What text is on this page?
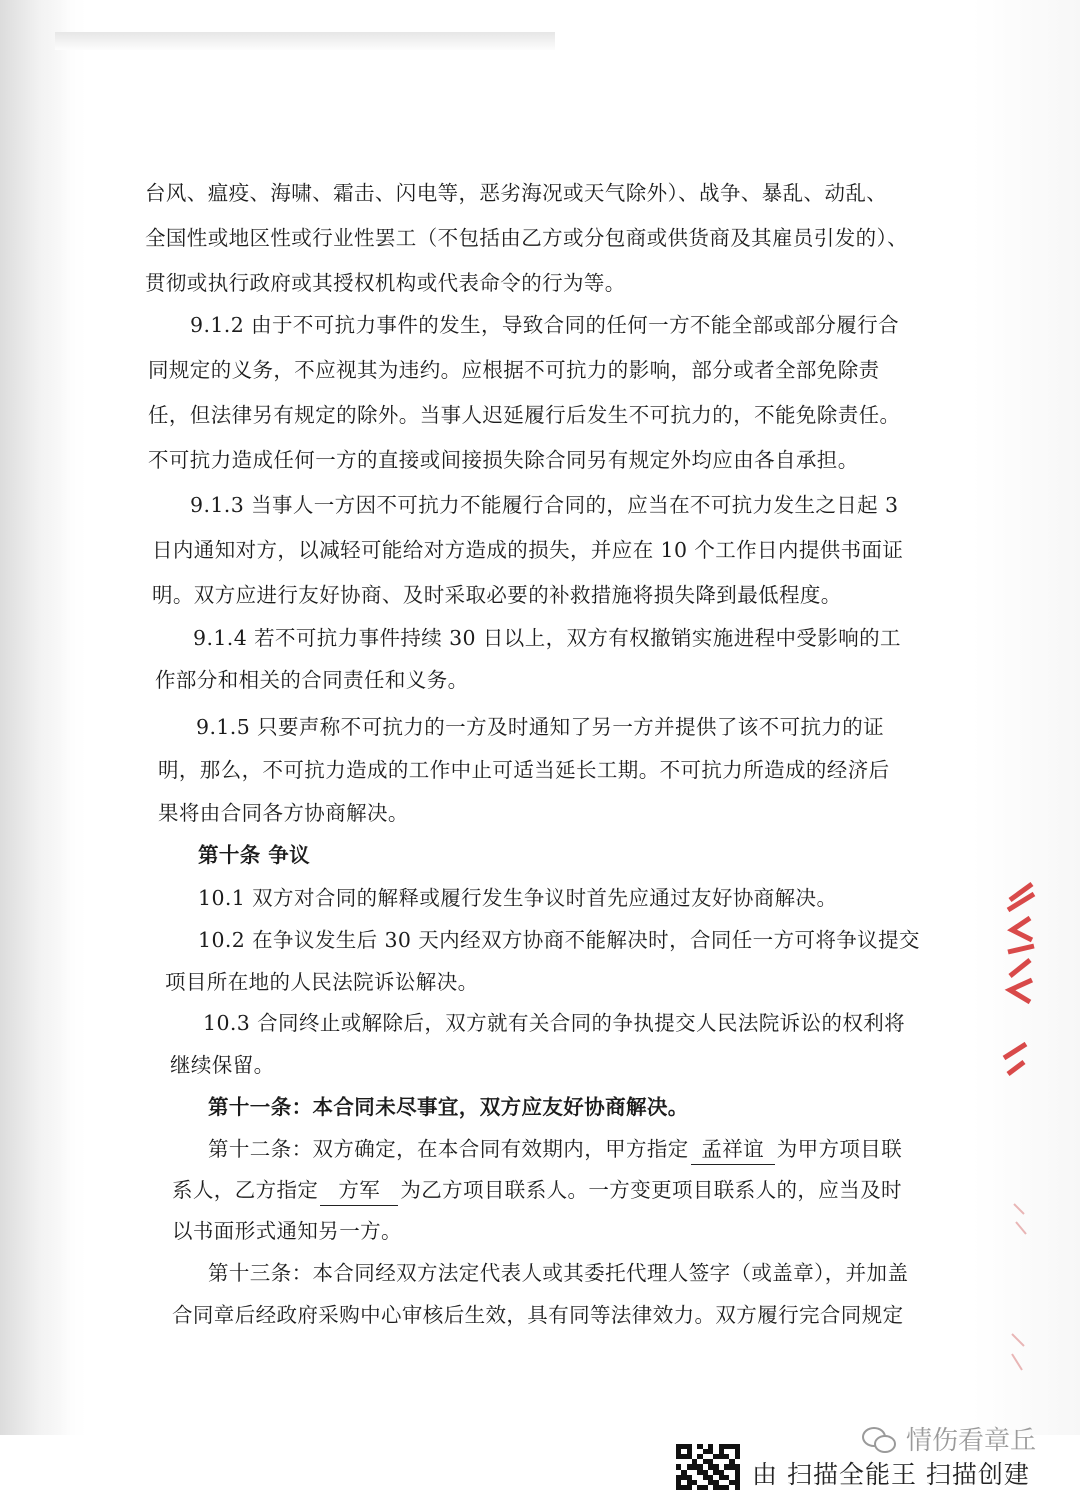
台风、瘟疫、海啸、霜击、闪电等，恶劣海况或天气除外）、战争、暴乱、动乱、
全国性或地区性或行业性罢工（不包括由乙方或分包商或供货商及其雇员引发的）、
贯彻或执行政府或其授权机构或代表命令的行为等。
9.1.2 由于不可抗力事件的发生，导致合同的任何一方不能全部或部分履行合
同规定的义务，不应视其为违约。应根据不可抗力的影响，部分或者全部免除责
任，但法律另有规定的除外。当事人迟延履行后发生不可抗力的，不能免除责任。
不可抗力造成任何一方的直接或间接损失除合同另有规定外均应由各自承担。
9.1.3 当事人一方因不可抗力不能履行合同的，应当在不可抗力发生之日起 3
日内通知对方，以减轻可能给对方造成的损失，并应在 10 个工作日内提供书面证
明。双方应进行友好协商、及时采取必要的补救措施将损失降到最低程度。
9.1.4 若不可抗力事件持续 30 日以上，双方有权撤销实施进程中受影响的工
作部分和相关的合同责任和义务。
9.1.5 只要声称不可抗力的一方及时通知了另一方并提供了该不可抗力的证
明，那么，不可抗力造成的工作中止可适当延长工期。不可抗力所造成的经济后
果将由合同各方协商解决。
第十条 争议
10.1 双方对合同的解释或履行发生争议时首先应通过友好协商解决。
10.2 在争议发生后 30 天内经双方协商不能解决时，合同任一方可将争议提交
项目所在地的人民法院诉讼解决。
10.3 合同终止或解除后，双方就有关合同的争执提交人民法院诉讼的权利将
继续保留。
第十一条：本合同未尽事宜，双方应友好协商解决。
第十二条：双方确定，在本合同有效期内，甲方指定 孟祥谊 为甲方项目联
系人，乙方指定 方军 为乙方项目联系人。一方变更项目联系人的，应当及时
以书面形式通知另一方。
第十三条：本合同经双方法定代表人或其委托代理人签字（或盖章），并加盖
合同章后经政府采购中心审核后生效，具有同等法律效力。双方履行完合同规定
情伤看章丘
由 扫描全能王 扫描创建
